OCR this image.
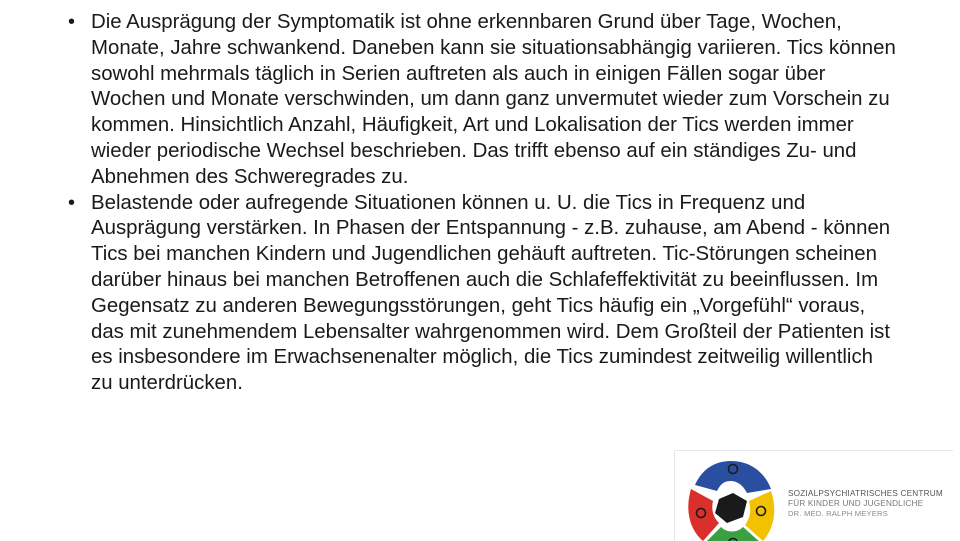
• Die Ausprägung der Symptomatik ist ohne erkennbaren Grund über Tage, Wochen, Monate, Jahre schwankend. Daneben kann sie situationsabhängig variieren. Tics können sowohl mehrmals täglich in Serien auftreten als auch in einigen Fällen sogar über Wochen und Monate verschwinden, um dann ganz unvermutet wieder zum Vorschein zu kommen. Hinsichtlich Anzahl, Häufigkeit, Art und Lokalisation der Tics werden immer wieder periodische Wechsel beschrieben. Das trifft ebenso auf ein ständiges Zu- und Abnehmen des Schweregrades zu.
• Belastende oder aufregende Situationen können u. U. die Tics in Frequenz und Ausprägung verstärken. In Phasen der Entspannung - z.B. zuhause, am Abend - können Tics bei manchen Kindern und Jugendlichen gehäuft auftreten. Tic-Störungen scheinen darüber hinaus bei manchen Betroffenen auch die Schlafeffektivität zu beeinflussen. Im Gegensatz zu anderen Bewegungsstörungen, geht Tics häufig ein „Vorgefühl“ voraus, das mit zunehmendem Lebensalter wahrgenommen wird. Dem Großteil der Patienten ist es insbesondere im Erwachsenenalter möglich, die Tics zumindest zeitweilig willentlich zu unterdrücken.
SOZIALPSYCHIATRISCHES CENTRUM
FÜR KINDER UND JUGENDLICHE
DR. MED. RALPH MEYERS
